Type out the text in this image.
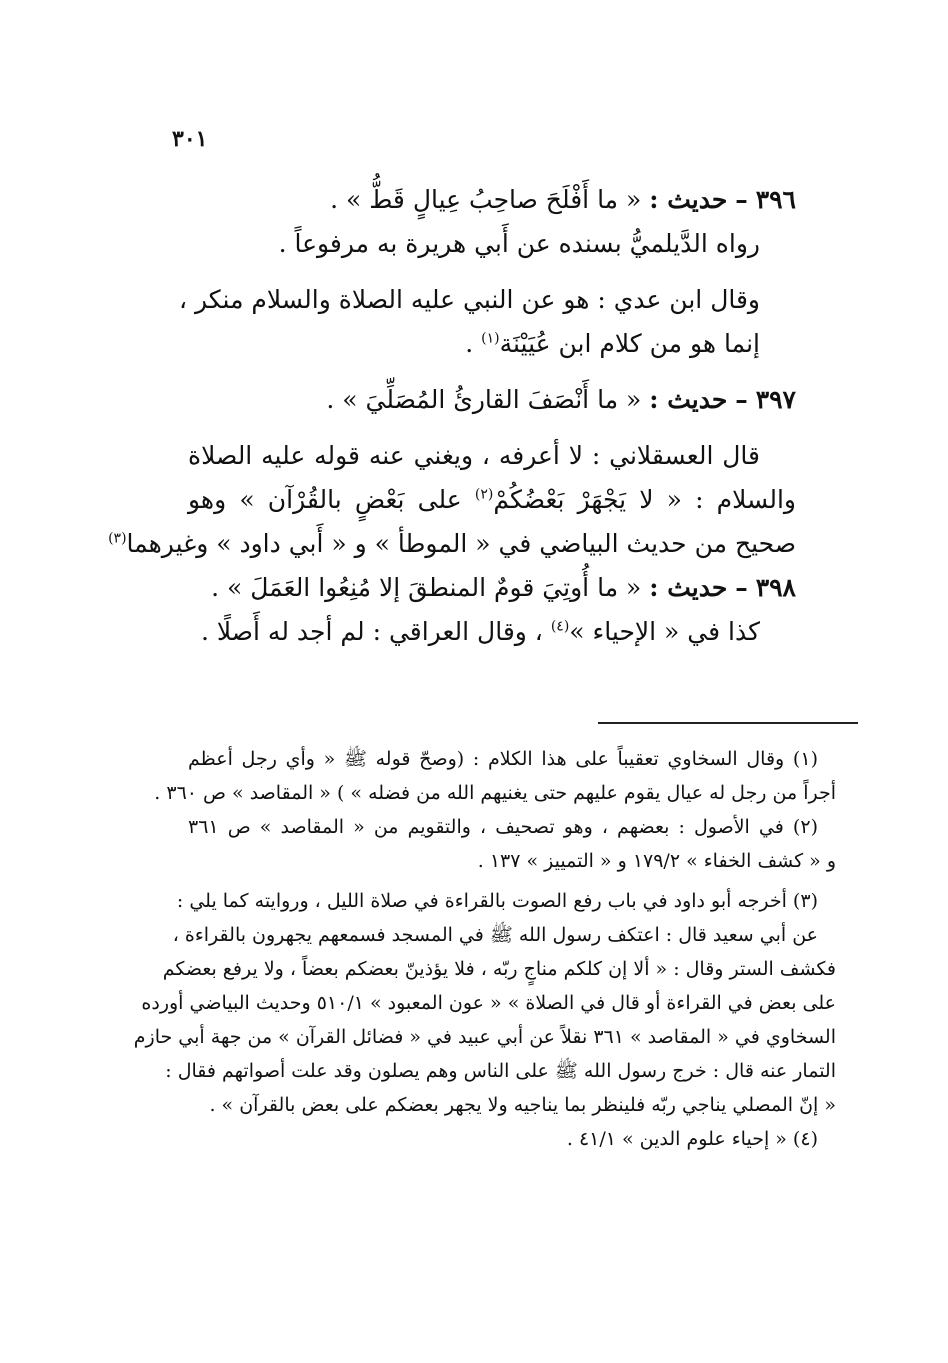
٣٠١
٣٩٦ – حديث : « ما أَفْلَحَ صاحِبُ عِيالٍ قَطُّ » .
رواه الدَّيلميُّ بسنده عن أَبي هريرة به مرفوعاً .
وقال ابن عدي : هو عن النبي عليه الصلاة والسلام منكر ،
إنما هو من كلام ابن عُيَيْنَة$^{(١)}$ .
٣٩٧ – حديث : « ما أَنْصَفَ القارئُ المُصَلِّيَ » .
قال العسقلاني : لا أعرفه ، ويغني عنه قوله عليه الصلاة
والسلام : « لا يَجْهَرْ بَعْضُكُمْ$^{(٢)}$ على بَعْضٍ بالقُرْآن » وهو
صحيح من حديث البياضي في « الموطأ » و « أَبي داود » وغيرهما$^{(٣)}$
٣٩٨ – حديث : « ما أُوتِيَ قومٌ المنطقَ إلا مُنِعُوا العَمَلَ » .
كذا في « الإحياء »$^{(٤)}$ ، وقال العراقي : لم أجد له أَصلًا .
(١) وقال السخاوي تعقيباً على هذا الكلام : (وصحّ قوله ﷺ « وأي رجل أعظم
أجراً من رجل له عيال يقوم عليهم حتى يغنيهم الله من فضله » ) « المقاصد » ص ٣٦٠ .
(٢) في الأصول : بعضهم ، وهو تصحيف ، والتقويم من « المقاصد » ص ٣٦١
و « كشف الخفاء » ١٧٩/٢ و « التمييز » ١٣٧ .
(٣) أخرجه أبو داود في باب رفع الصوت بالقراءة في صلاة الليل ، وروايته كما يلي :
عن أبي سعيد قال : اعتكف رسول الله ﷺ في المسجد فسمعهم يجهرون بالقراءة ،
فكشف الستر وقال : « ألا إن كلكم مناجٍ ربّه ، فلا يؤذينّ بعضكم بعضاً ، ولا يرفع بعضكم
على بعض في القراءة أو قال في الصلاة » « عون المعبود » ٥١٠/١ وحديث البياضي أورده
السخاوي في « المقاصد » ٣٦١ نقلاً عن أبي عبيد في « فضائل القرآن » من جهة أبي حازم
التمار عنه قال : خرج رسول الله ﷺ على الناس وهم يصلون وقد علت أصواتهم فقال :
« إنّ المصلي يناجي ربّه فلينظر بما يناجيه ولا يجهر بعضكم على بعض بالقرآن » .
(٤) « إحياء علوم الدين » ٤١/١ .
